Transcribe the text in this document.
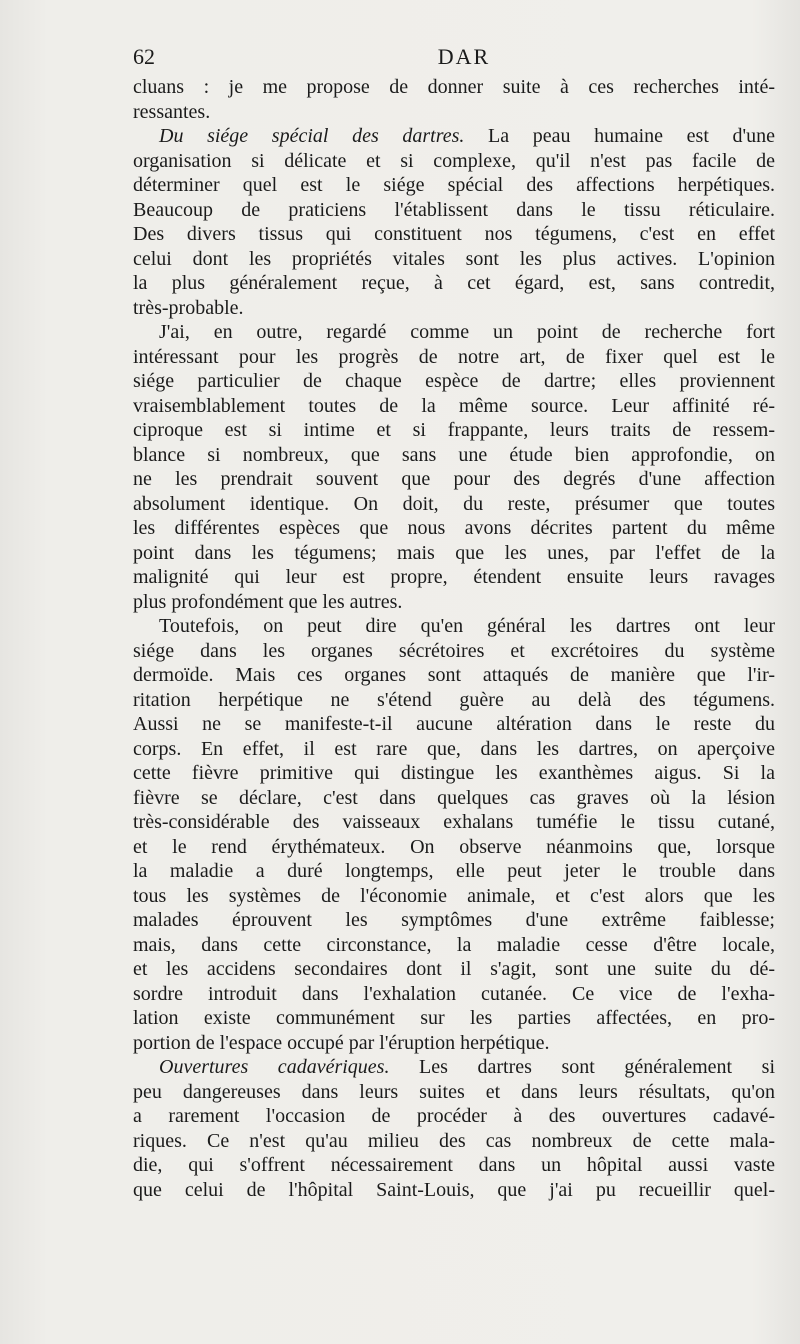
62	DAR
cluans : je me propose de donner suite à ces recherches inté-
ressantes.
Du siége spécial des dartres. La peau humaine est d'une
organisation si délicate et si complexe, qu'il n'est pas facile de
déterminer quel est le siége spécial des affections herpétiques.
Beaucoup de praticiens l'établissent dans le tissu réticulaire.
Des divers tissus qui constituent nos tégumens, c'est en effet
celui dont les propriétés vitales sont les plus actives. L'opinion
la plus généralement reçue, à cet égard, est, sans contredit,
très-probable.
J'ai, en outre, regardé comme un point de recherche fort
intéressant pour les progrès de notre art, de fixer quel est le
siége particulier de chaque espèce de dartre; elles proviennent
vraisemblablement toutes de la même source. Leur affinité ré-
ciproque est si intime et si frappante, leurs traits de ressem-
blance si nombreux, que sans une étude bien approfondie, on
ne les prendrait souvent que pour des degrés d'une affection
absolument identique. On doit, du reste, présumer que toutes
les différentes espèces que nous avons décrites partent du même
point dans les tégumens; mais que les unes, par l'effet de la
malignité qui leur est propre, étendent ensuite leurs ravages
plus profondément que les autres.
Toutefois, on peut dire qu'en général les dartres ont leur
siége dans les organes sécrétoires et excrétoires du système
dermoïde. Mais ces organes sont attaqués de manière que l'ir-
ritation herpétique ne s'étend guère au delà des tégumens.
Aussi ne se manifeste-t-il aucune altération dans le reste du
corps. En effet, il est rare que, dans les dartres, on aperçoive
cette fièvre primitive qui distingue les exanthèmes aigus. Si la
fièvre se déclare, c'est dans quelques cas graves où la lésion
très-considérable des vaisseaux exhalans tuméfie le tissu cutané,
et le rend érythémateux. On observe néanmoins que, lorsque
la maladie a duré longtemps, elle peut jeter le trouble dans
tous les systèmes de l'économie animale, et c'est alors que les
malades éprouvent les symptômes d'une extrême faiblesse;
mais, dans cette circonstance, la maladie cesse d'être locale,
et les accidens secondaires dont il s'agit, sont une suite du dé-
sordre introduit dans l'exhalation cutanée. Ce vice de l'exha-
lation existe communément sur les parties affectées, en pro-
portion de l'espace occupé par l'éruption herpétique.
Ouvertures cadavériques. Les dartres sont généralement si
peu dangereuses dans leurs suites et dans leurs résultats, qu'on
a rarement l'occasion de procéder à des ouvertures cadavé-
riques. Ce n'est qu'au milieu des cas nombreux de cette mala-
die, qui s'offrent nécessairement dans un hôpital aussi vaste
que celui de l'hôpital Saint-Louis, que j'ai pu recueillir quel-
